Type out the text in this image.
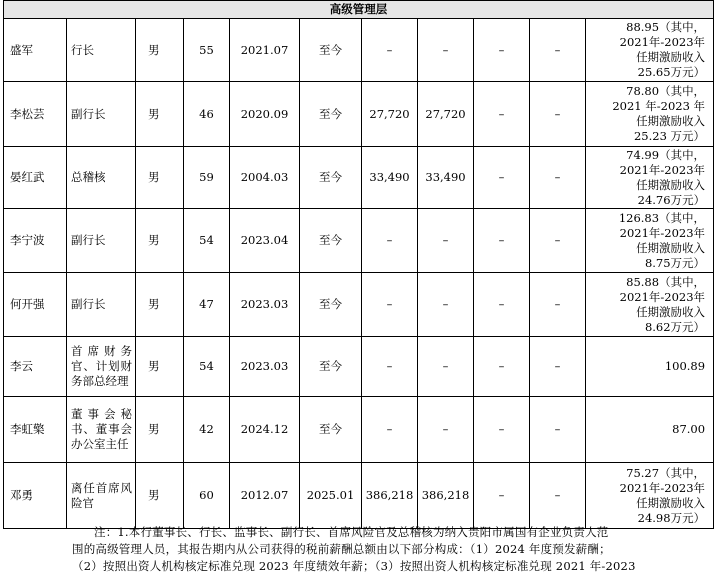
高级管理层										
盛军	行长	男	55	2021.07	至今	–	–	–	–	88.95（其中，
2021年-2023年
任期激励收入
25.65万元）

李松芸	副行长	男	46	2020.09	至今	27,720	27,720	–	–	78.80（其中，
2021 年-2023 年
任期激励收入
25.23 万元）

晏红武	总稽核	男	59	2004.03	至今	33,490	33,490	–	–	74.99（其中，
2021年-2023年
任期激励收入
24.76万元）

李宁波	副行长	男	54	2023.04	至今	–	–	–	–	126.83（其中，
2021年-2023年
任期激励收入
8.75万元）

何开强	副行长	男	47	2023.03	至今	–	–	–	–	85.88（其中，
2021年-2023年
任期激励收入
8.62万元）

李云	首席财务官、计划财务部总经理	男	54	2023.03	至今	–	–	–	–	100.89

李虹檠	董事会秘书、董事会办公室主任	男	42	2024.12	至今	–	–	–	–	87.00

邓勇	离任首席风险官	男	60	2012.07	2025.01	386,218	386,218	–	–	75.27（其中，
2021年-2023年
任期激励收入
24.98万元）
注：1.本行董事长、行长、监事长、副行长、首席风险官及总稽核为纳入贵阳市属国有企业负责人范
围的高级管理人员，其报告期内从公司获得的税前薪酬总额由以下部分构成：（1）2024 年度预发薪酬；
（2）按照出资人机构核定标准兑现 2023 年度绩效年薪；（3）按照出资人机构核定标准兑现 2021 年-2023
